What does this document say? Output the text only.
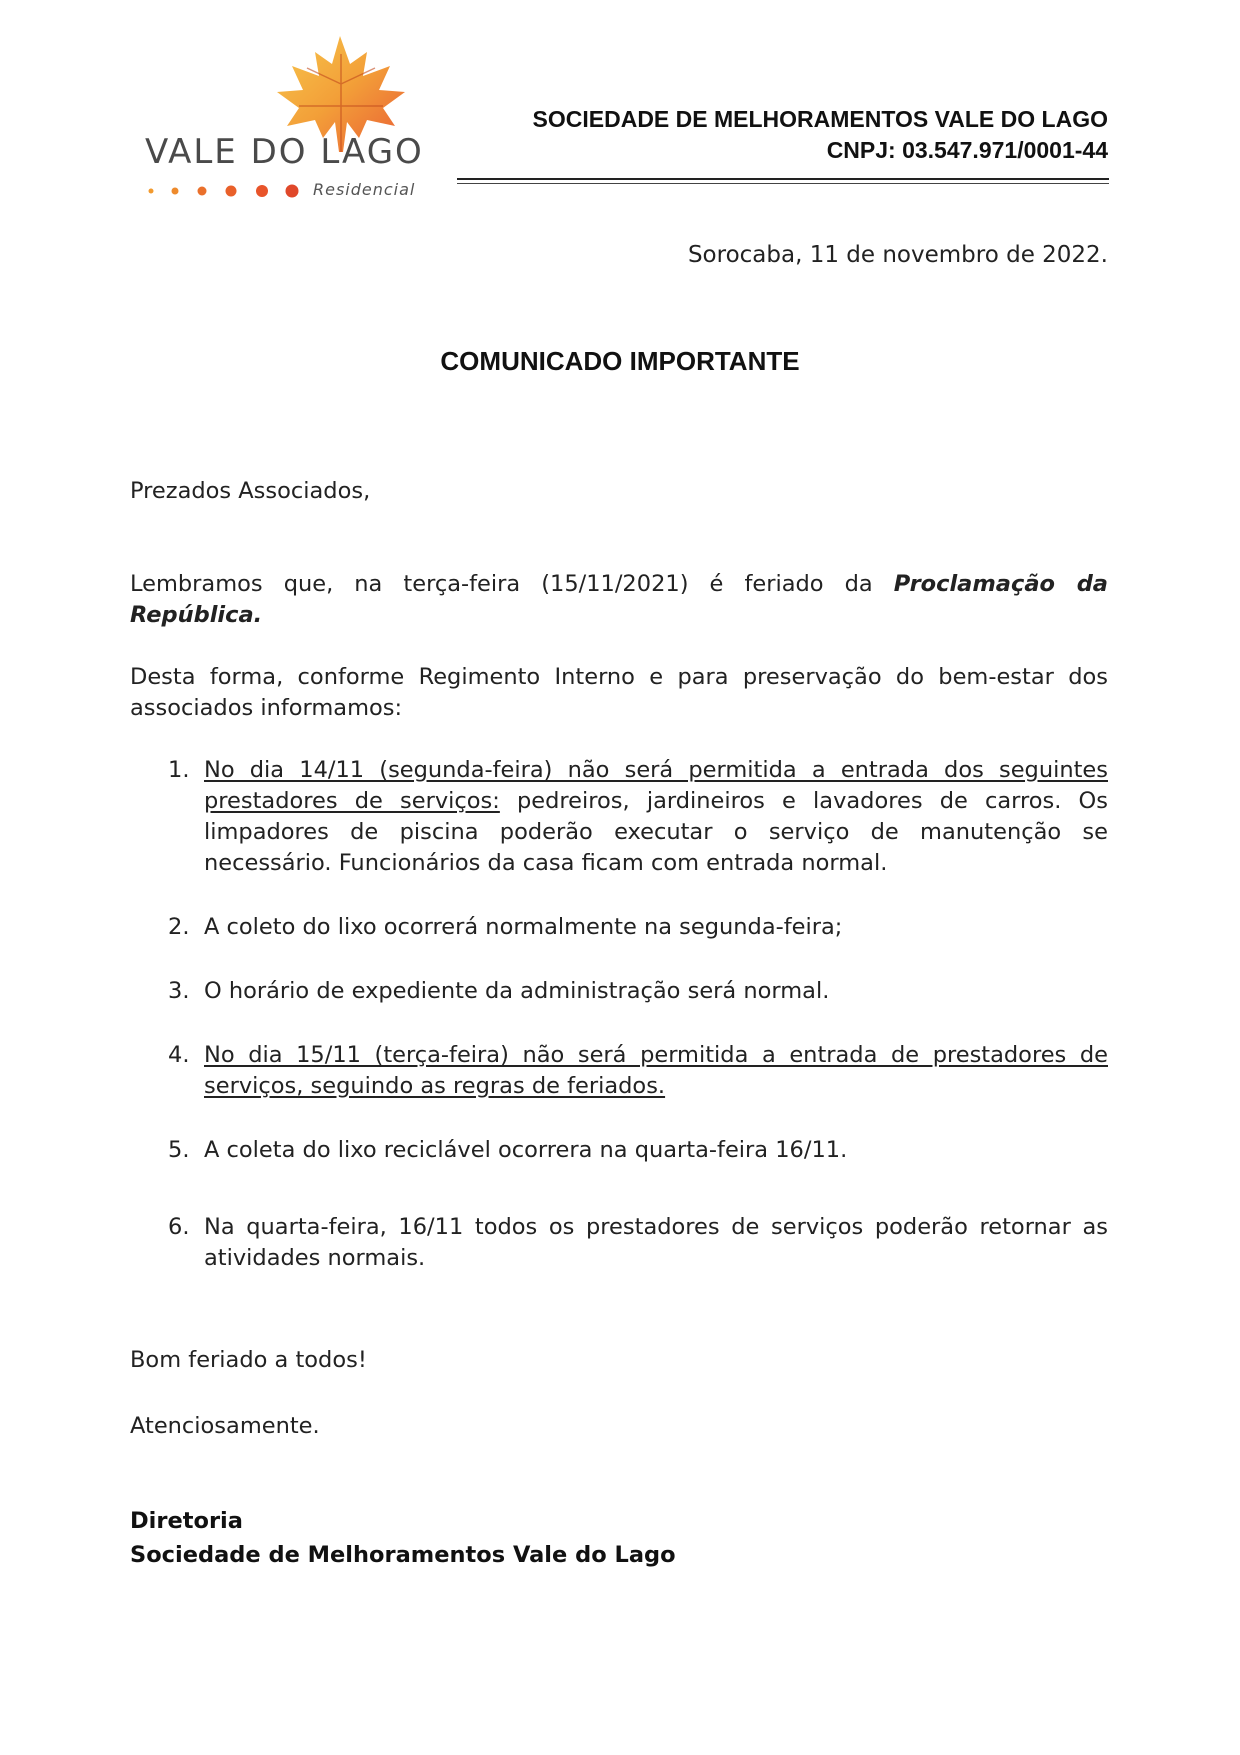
VALE DO LAGO
Residencial
SOCIEDADE DE MELHORAMENTOS VALE DO LAGO
CNPJ: 03.547.971/0001-44
Sorocaba, 11 de novembro de 2022.
COMUNICADO IMPORTANTE

Prezados Associados,

Lembramos que, na terça-feira (15/11/2021) é feriado da Proclamação da República.

Desta forma, conforme Regimento Interno e para preservação do bem-estar dos associados informamos:

1. No dia 14/11 (segunda-feira) não será permitida a entrada dos seguintes prestadores de serviços: pedreiros, jardineiros e lavadores de carros. Os limpadores de piscina poderão executar o serviço de manutenção se necessário. Funcionários da casa ficam com entrada normal.
2. A coleto do lixo ocorrerá normalmente na segunda-feira;
3. O horário de expediente da administração será normal.
4. No dia 15/11 (terça-feira) não será permitida a entrada de prestadores de serviços, seguindo as regras de feriados.
5. A coleta do lixo reciclável ocorrera na quarta-feira 16/11.
6. Na quarta-feira, 16/11 todos os prestadores de serviços poderão retornar as atividades normais.
Bom feriado a todos!
Atenciosamente.
Diretoria
Sociedade de Melhoramentos Vale do Lago
